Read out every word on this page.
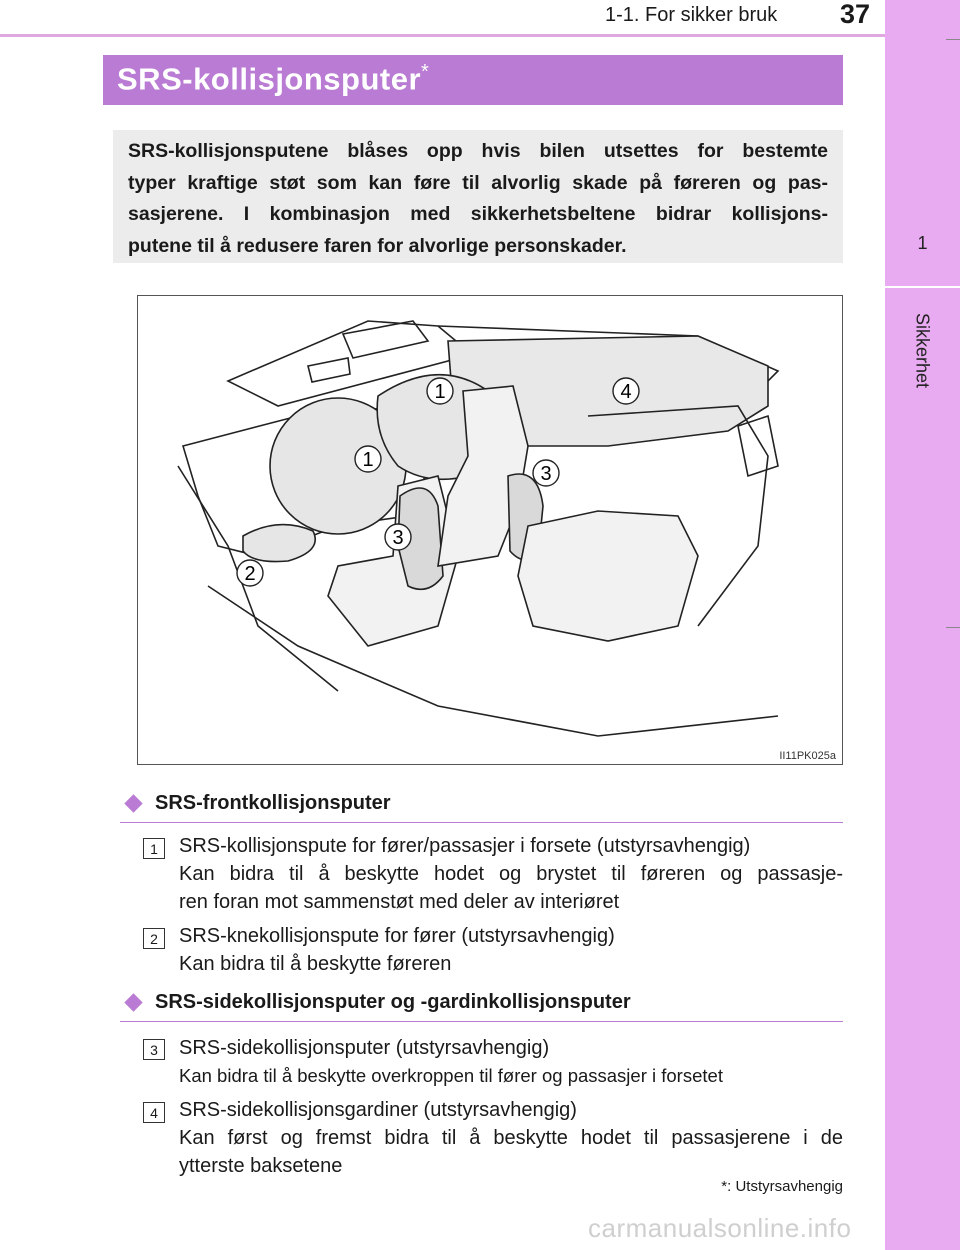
1-1. For sikker bruk 37
1
Sikkerhet
SRS-kollisjonsputer*
SRS-kollisjonsputene blåses opp hvis bilen utsettes for bestemte
typer kraftige støt som kan føre til alvorlig skade på føreren og pas-
sasjerene. I kombinasjon med sikkerhetsbeltene bidrar kollisjons-
putene til å redusere faren for alvorlige personskader.
1
1
2
3
3
4
II11PK025a
SRS-frontkollisjonsputer
1	SRS-kollisjonspute for fører/passasjer i forsete (utstyrsavhengig)
Kan bidra til å beskytte hodet og brystet til føreren og passasje-
ren foran mot sammenstøt med deler av interiøret
2	SRS-knekollisjonspute for fører (utstyrsavhengig)
Kan bidra til å beskytte føreren
SRS-sidekollisjonsputer og -gardinkollisjonsputer
3	SRS-sidekollisjonsputer (utstyrsavhengig)
Kan bidra til å beskytte overkroppen til fører og passasjer i forsetet
4	SRS-sidekollisjonsgardiner (utstyrsavhengig)
Kan først og fremst bidra til å beskytte hodet til passasjerene i de
ytterste baksetene
*: Utstyrsavhengig
carmanualsonline.info
